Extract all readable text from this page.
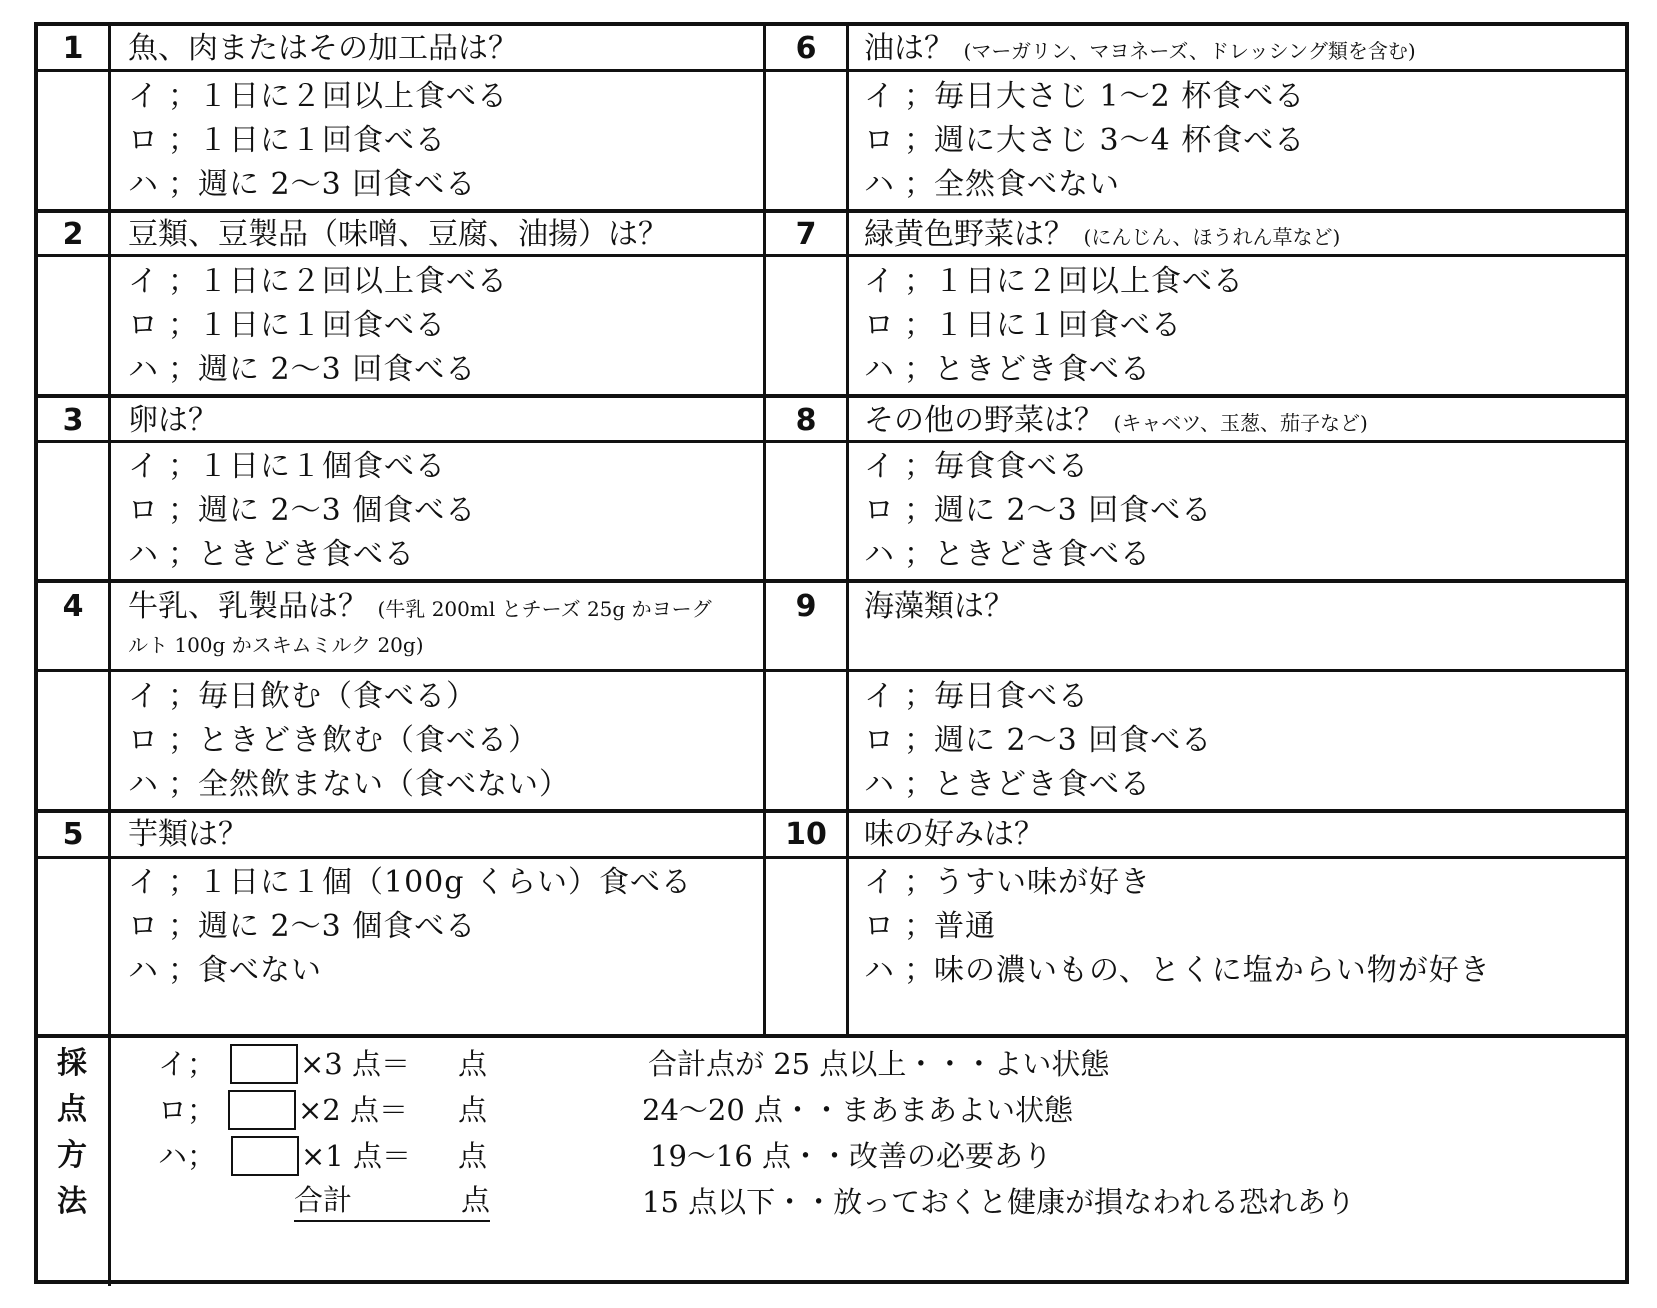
1	魚、肉またはその加工品は？
イ ；１日に２回以上食べる
ロ ；１日に１回食べる
ハ ；週に 2～3 回食べる
2	豆類、豆製品（味噌、豆腐、油揚）は？
イ ；１日に２回以上食べる
ロ ；１日に１回食べる
ハ ；週に 2～3 回食べる
3	卵は？
イ ；１日に１個食べる
ロ ；週に 2～3 個食べる
ハ ；ときどき食べる
4	牛乳、乳製品は？ (牛乳 200ml とチーズ 25g かヨーグ
ルト 100g かスキムミルク 20g)
イ ；毎日飲む（食べる）
ロ ；ときどき飲む（食べる）
ハ ；全然飲まない（食べない）
5	芋類は？
イ ；１日に１個（100g くらい）食べる
ロ ；週に 2～3 個食べる
ハ ；食べない
6	油は？ (マーガリン、マヨネーズ、ドレッシング類を含む)
イ ；毎日大さじ 1～2 杯食べる
ロ ；週に大さじ 3～4 杯食べる
ハ ；全然食べない
7	緑黄色野菜は？ (にんじん、ほうれん草など)
イ ；１日に２回以上食べる
ロ ；１日に１回食べる
ハ ；ときどき食べる
8	その他の野菜は？ (キャベツ、玉葱、茄子など)
イ ；毎食食べる
ロ ；週に 2～3 回食べる
ハ ；ときどき食べる
9	海藻類は？
イ ；毎日食べる
ロ ；週に 2～3 回食べる
ハ ；ときどき食べる
10	味の好みは？
イ ；うすい味が好き
ロ ；普通
ハ ；味の濃いもの、とくに塩からい物が好き
採
点
方
法
イ；	×3 点＝ 点
ロ；	×2 点＝ 点
ハ；	×1 点＝ 点
合計	点
合計点が 25 点以上・・・よい状態
24～20 点・・まあまあよい状態
19～16 点・・改善の必要あり
15 点以下・・放っておくと健康が損なわれる恐れあり
